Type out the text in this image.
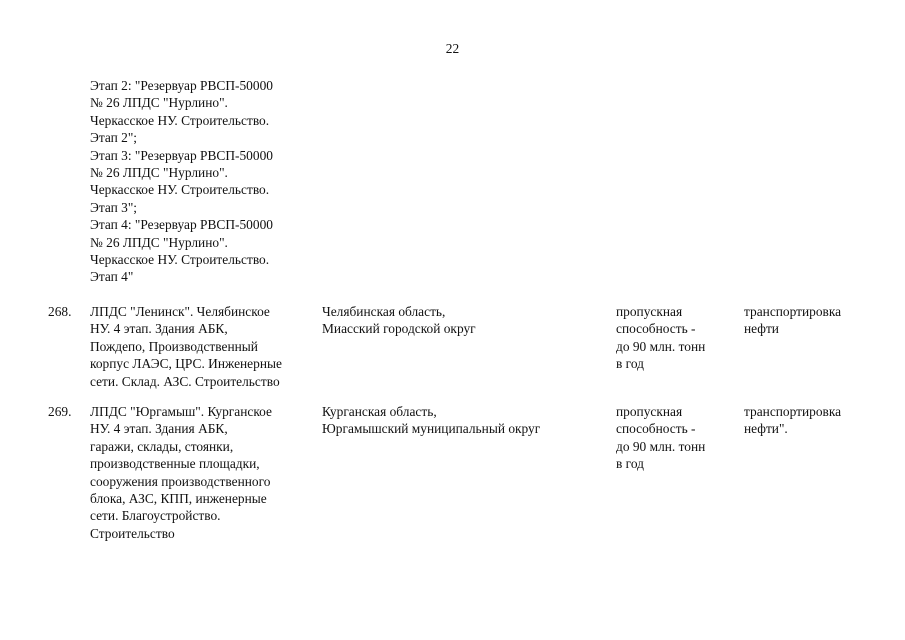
22
Этап 2: "Резервуар РВСП-50000
№ 26 ЛПДС "Нурлино".
Черкасское НУ. Строительство.
Этап 2";
Этап 3: "Резервуар РВСП-50000
№ 26 ЛПДС "Нурлино".
Черкасское НУ. Строительство.
Этап 3";
Этап 4: "Резервуар РВСП-50000
№ 26 ЛПДС "Нурлино".
Черкасское НУ. Строительство.
Этап 4"
268. ЛПДС "Ленинск". Челябинское
НУ. 4 этап. Здания АБК,
Пождепо, Производственный
корпус ЛАЭС, ЦРС. Инженерные
сети. Склад. АЗС. Строительство
Челябинская область,
Миасский городской округ
пропускная
способность -
до 90 млн. тонн
в год
транспортировка
нефти
269. ЛПДС "Юргамыш". Курганское
НУ. 4 этап. Здания АБК,
гаражи, склады, стоянки,
производственные площадки,
сооружения производственного
блока, АЗС, КПП, инженерные
сети. Благоустройство.
Строительство
Курганская область,
Юргамышский муниципальный округ
пропускная
способность -
до 90 млн. тонн
в год
транспортировка
нефти".
